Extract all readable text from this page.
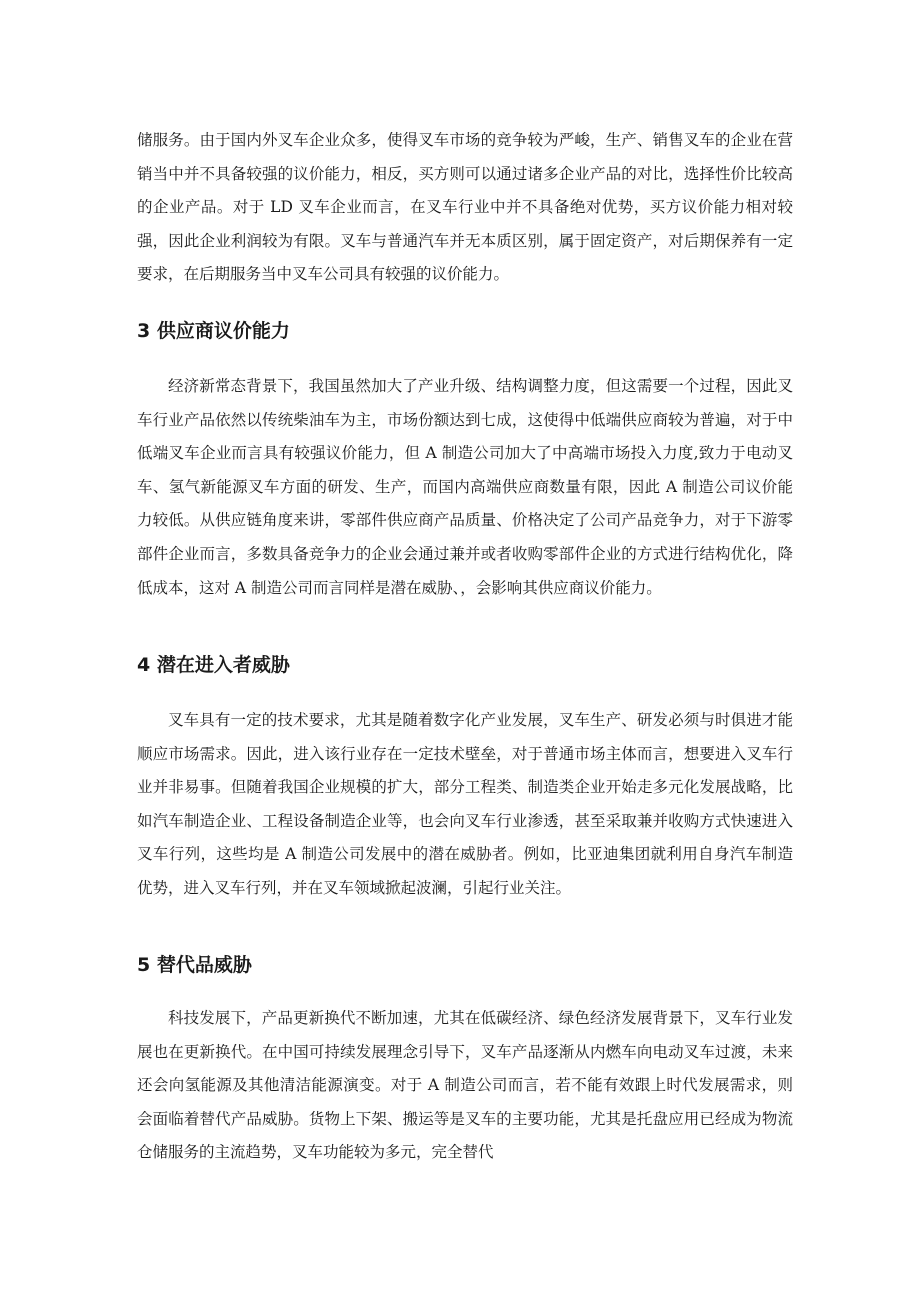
储服务。由于国内外叉车企业众多，使得叉车市场的竞争较为严峻，生产、销售叉车的企业在营销当中并不具备较强的议价能力，相反，买方则可以通过诸多企业产品的对比，选择性价比较高的企业产品。对于 LD 叉车企业而言，在叉车行业中并不具备绝对优势，买方议价能力相对较强，因此企业利润较为有限。叉车与普通汽车并无本质区别，属于固定资产，对后期保养有一定要求，在后期服务当中叉车公司具有较强的议价能力。

3 供应商议价能力

经济新常态背景下，我国虽然加大了产业升级、结构调整力度，但这需要一个过程，因此叉车行业产品依然以传统柴油车为主，市场份额达到七成，这使得中低端供应商较为普遍，对于中低端叉车企业而言具有较强议价能力，但 A 制造公司加大了中高端市场投入力度,致力于电动叉车、氢气新能源叉车方面的研发、生产，而国内高端供应商数量有限，因此 A 制造公司议价能力较低。从供应链角度来讲，零部件供应商产品质量、价格决定了公司产品竞争力，对于下游零部件企业而言，多数具备竞争力的企业会通过兼并或者收购零部件企业的方式进行结构优化，降低成本，这对 A 制造公司而言同样是潜在威胁、，会影响其供应商议价能力。

4 潜在进入者威胁

叉车具有一定的技术要求，尤其是随着数字化产业发展，叉车生产、研发必须与时俱进才能顺应市场需求。因此，进入该行业存在一定技术壁垒，对于普通市场主体而言，想要进入叉车行业并非易事。但随着我国企业规模的扩大，部分工程类、制造类企业开始走多元化发展战略，比如汽车制造企业、工程设备制造企业等，也会向叉车行业渗透，甚至采取兼并收购方式快速进入叉车行列，这些均是 A 制造公司发展中的潜在威胁者。例如，比亚迪集团就利用自身汽车制造优势，进入叉车行列，并在叉车领域掀起波澜，引起行业关注。

5 替代品威胁

科技发展下，产品更新换代不断加速，尤其在低碳经济、绿色经济发展背景下，叉车行业发展也在更新换代。在中国可持续发展理念引导下，叉车产品逐渐从内燃车向电动叉车过渡，未来还会向氢能源及其他清洁能源演变。对于 A 制造公司而言，若不能有效跟上时代发展需求，则会面临着替代产品威胁。货物上下架、搬运等是叉车的主要功能，尤其是托盘应用已经成为物流仓储服务的主流趋势，叉车功能较为多元，完全替代
